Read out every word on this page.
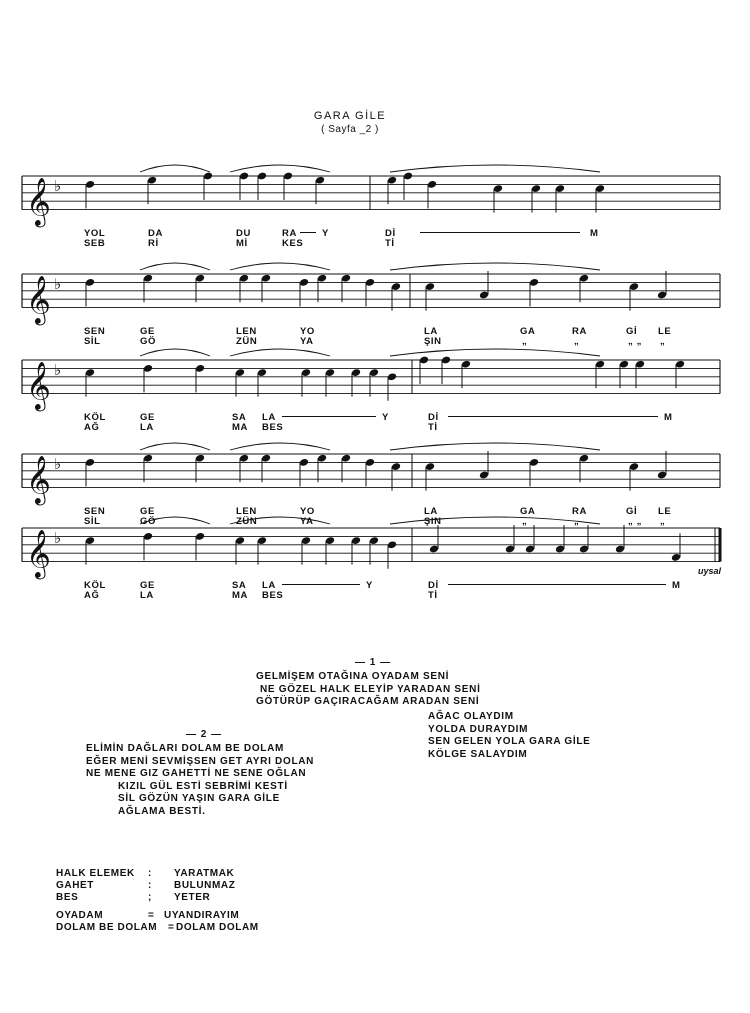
GARA GİLE
( Sayfa _2 )
𝄞 ♭
𝄞 ♭
𝄞 ♭
𝄞 ♭
𝄞 ♭
YOL	DA	DU	RA	Y	Dİ	M
SEB	Rİ	Mİ	KES	Tİ
SEN	GE	LEN	YO	LA	GA	RA	Gİ LE
SİL	GÖ	ZÜN	YA	ŞIN	„	„	„ „ „
KÖL	GE	SA LA	Y	Dİ	M
AĞ	LA	MA BES	Tİ
SEN	GE	LEN	YO	LA	GA	RA	Gİ LE
SİL	GÖ	ZÜN	YA	ŞIN	„	„	„ „ „
KÖL	GE	SA LA	Y	Dİ	M
AĞ	LA	MA BES	Tİ
uysal
— 1 —
GELMİŞEM OTAĞINA OYADAM SENİ
NE GÖZEL HALK ELEYİP YARADAN SENİ
GÖTÜRÜP GAÇIRACAĞAM ARADAN SENİ
AĞAC OLAYDIM
YOLDA DURAYDIM
SEN GELEN YOLA GARA GİLE
KÖLGE SALAYDIM
— 2 —
ELİMİN DAĞLARI DOLAM BE DOLAM
EĞER MENİ SEVMİŞSEN GET AYRI DOLAN
NE MENE GIZ GAHETTİ NE SENE OĞLAN
KIZIL GÜL ESTİ SEBRİMİ KESTİ
SİL GÖZÜN YAŞIN GARA GİLE
AĞLAMA BESTİ.
HALK ELEMEK : YARATMAK
GAHET	: BULUNMAZ
BES	; YETER
OYADAM	= UYANDIRAYIM
DOLAM BE DOLAM = DOLAM DOLAM
